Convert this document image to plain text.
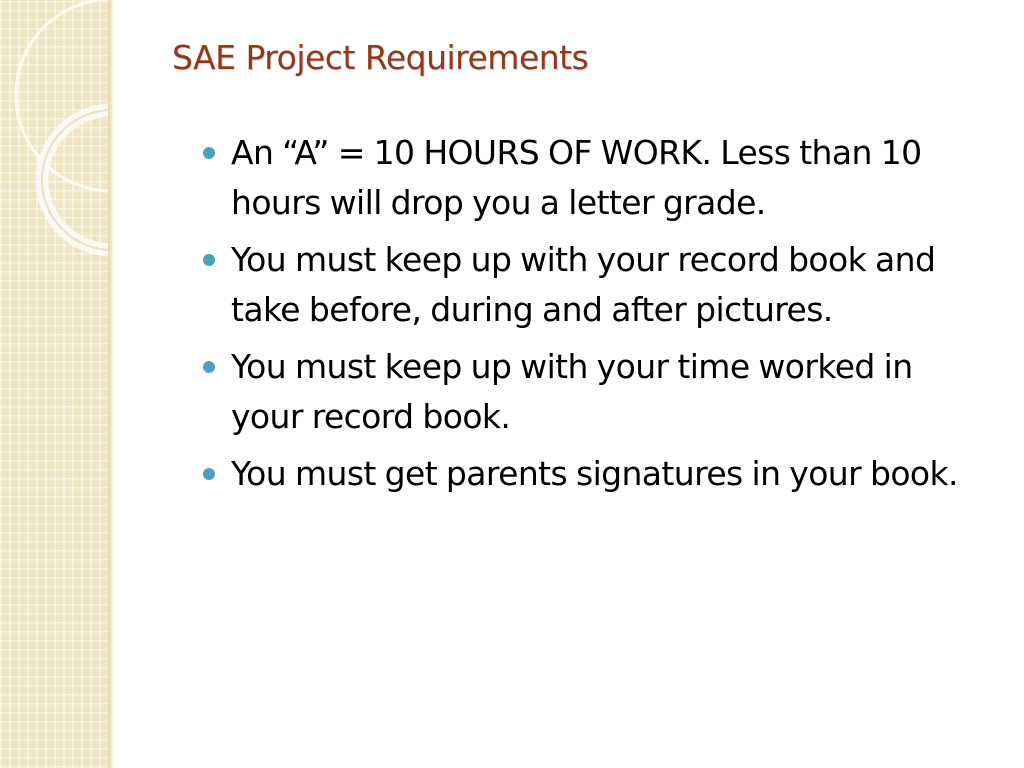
SAE Project Requirements
An “A” = 10 HOURS OF WORK. Less than 10 hours will drop you a letter grade.
You must keep up with your record book and take before, during and after pictures.
You must keep up with your time worked in your record book.
You must get parents signatures in your book.
